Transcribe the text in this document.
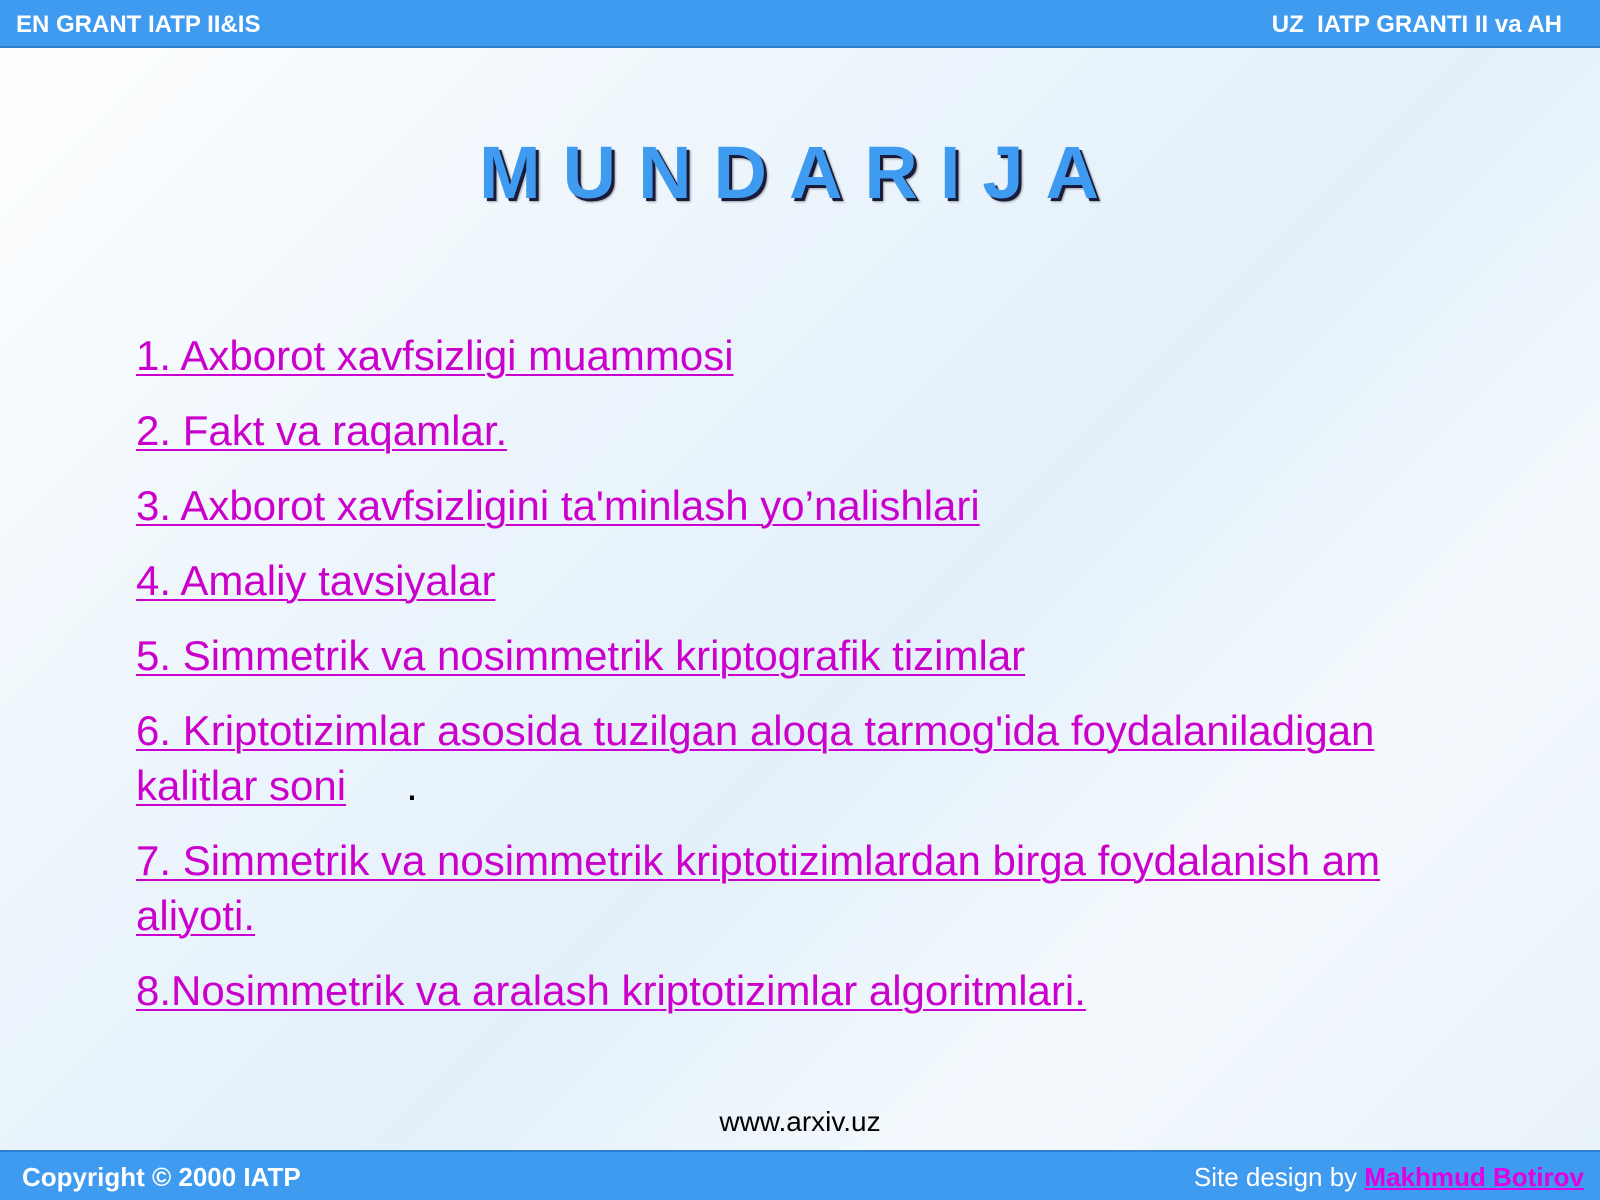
EN GRANT IATP II&IS	UZ  IATP GRANTI II va AH
MUNDARIJA
1. Axborot xavfsizligi muammosi
2. Fakt va raqamlar.
3. Axborot xavfsizligini ta'minlash yo’nalishlari
4. Amaliy tavsiyalar
5. Simmetrik va nosimmetrik kriptografik tizimlar
6. Kriptotizimlar asosida tuzilgan aloqa tarmog'ida foydalaniladigan kalitlar soni .
7. Simmetrik va nosimmetrik kriptotizimlardan birga foydalanish am aliyoti.
8.Nosimmetrik va aralash kriptotizimlar algoritmlari.
www.arxiv.uz
Copyright © 2000 IATP	Site design by Makhmud Botirov
